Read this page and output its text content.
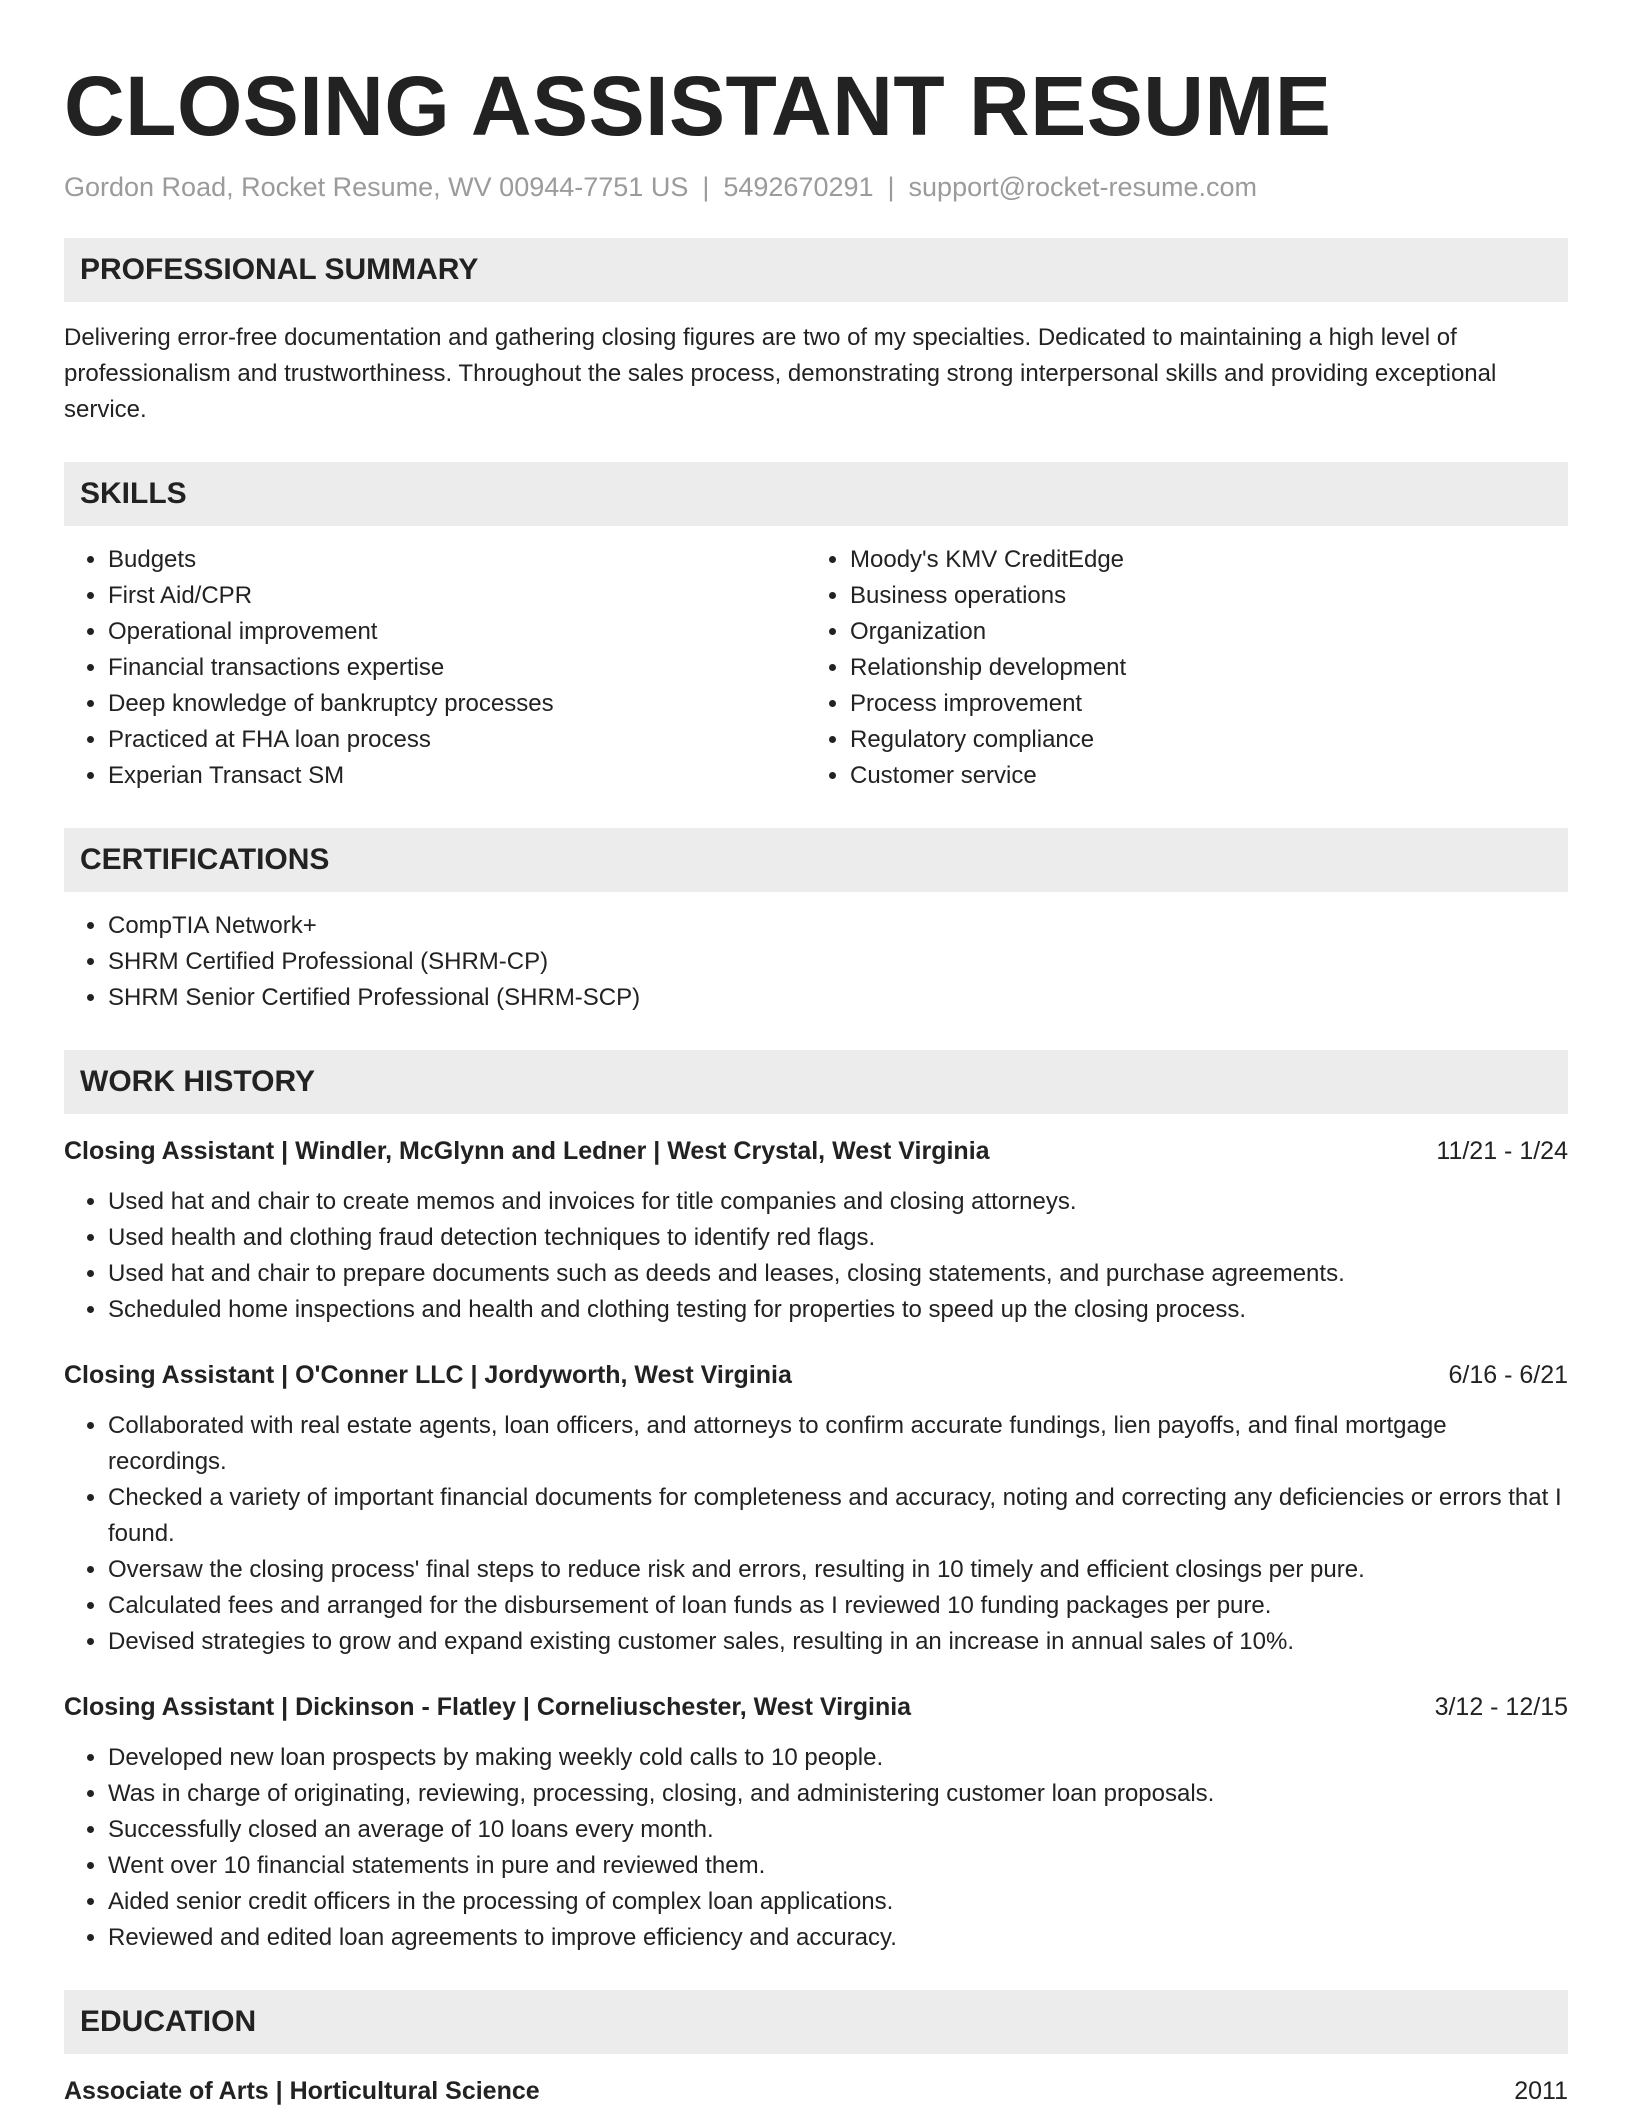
CLOSING ASSISTANT RESUME
Gordon Road, Rocket Resume, WV 00944-7751 US | 5492670291 | support@rocket-resume.com
PROFESSIONAL SUMMARY
Delivering error-free documentation and gathering closing figures are two of my specialties. Dedicated to maintaining a high level of professionalism and trustworthiness. Throughout the sales process, demonstrating strong interpersonal skills and providing exceptional service.
SKILLS
• Budgets
• First Aid/CPR
• Operational improvement
• Financial transactions expertise
• Deep knowledge of bankruptcy processes
• Practiced at FHA loan process
• Experian Transact SM
• Moody's KMV CreditEdge
• Business operations
• Organization
• Relationship development
• Process improvement
• Regulatory compliance
• Customer service
CERTIFICATIONS
• CompTIA Network+
• SHRM Certified Professional (SHRM-CP)
• SHRM Senior Certified Professional (SHRM-SCP)
WORK HISTORY
Closing Assistant | Windler, McGlynn and Ledner | West Crystal, West Virginia	11/21 - 1/24
• Used hat and chair to create memos and invoices for title companies and closing attorneys.
• Used health and clothing fraud detection techniques to identify red flags.
• Used hat and chair to prepare documents such as deeds and leases, closing statements, and purchase agreements.
• Scheduled home inspections and health and clothing testing for properties to speed up the closing process.
Closing Assistant | O'Conner LLC | Jordyworth, West Virginia	6/16 - 6/21
• Collaborated with real estate agents, loan officers, and attorneys to confirm accurate fundings, lien payoffs, and final mortgage recordings.
• Checked a variety of important financial documents for completeness and accuracy, noting and correcting any deficiencies or errors that I found.
• Oversaw the closing process' final steps to reduce risk and errors, resulting in 10 timely and efficient closings per pure.
• Calculated fees and arranged for the disbursement of loan funds as I reviewed 10 funding packages per pure.
• Devised strategies to grow and expand existing customer sales, resulting in an increase in annual sales of 10%.
Closing Assistant | Dickinson - Flatley | Corneliuschester, West Virginia	3/12 - 12/15
• Developed new loan prospects by making weekly cold calls to 10 people.
• Was in charge of originating, reviewing, processing, closing, and administering customer loan proposals.
• Successfully closed an average of 10 loans every month.
• Went over 10 financial statements in pure and reviewed them.
• Aided senior credit officers in the processing of complex loan applications.
• Reviewed and edited loan agreements to improve efficiency and accuracy.
EDUCATION
Associate of Arts | Horticultural Science	2011
